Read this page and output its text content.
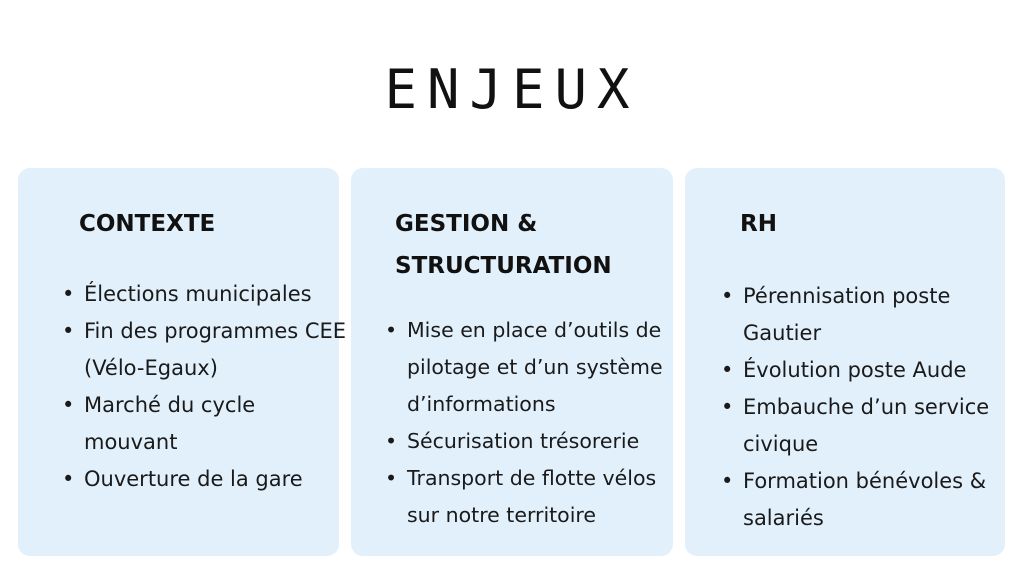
ENJEUX
CONTEXTE
• Élections municipales
• Fin des programmes CEE (Vélo-Egaux)
• Marché du cycle mouvant
• Ouverture de la gare
GESTION & STRUCTURATION
• Mise en place d’outils de pilotage et d’un système d’informations
• Sécurisation trésorerie
• Transport de flotte vélos sur notre territoire
RH
• Pérennisation poste Gautier
• Évolution poste Aude
• Embauche d’un service civique
• Formation bénévoles & salariés
